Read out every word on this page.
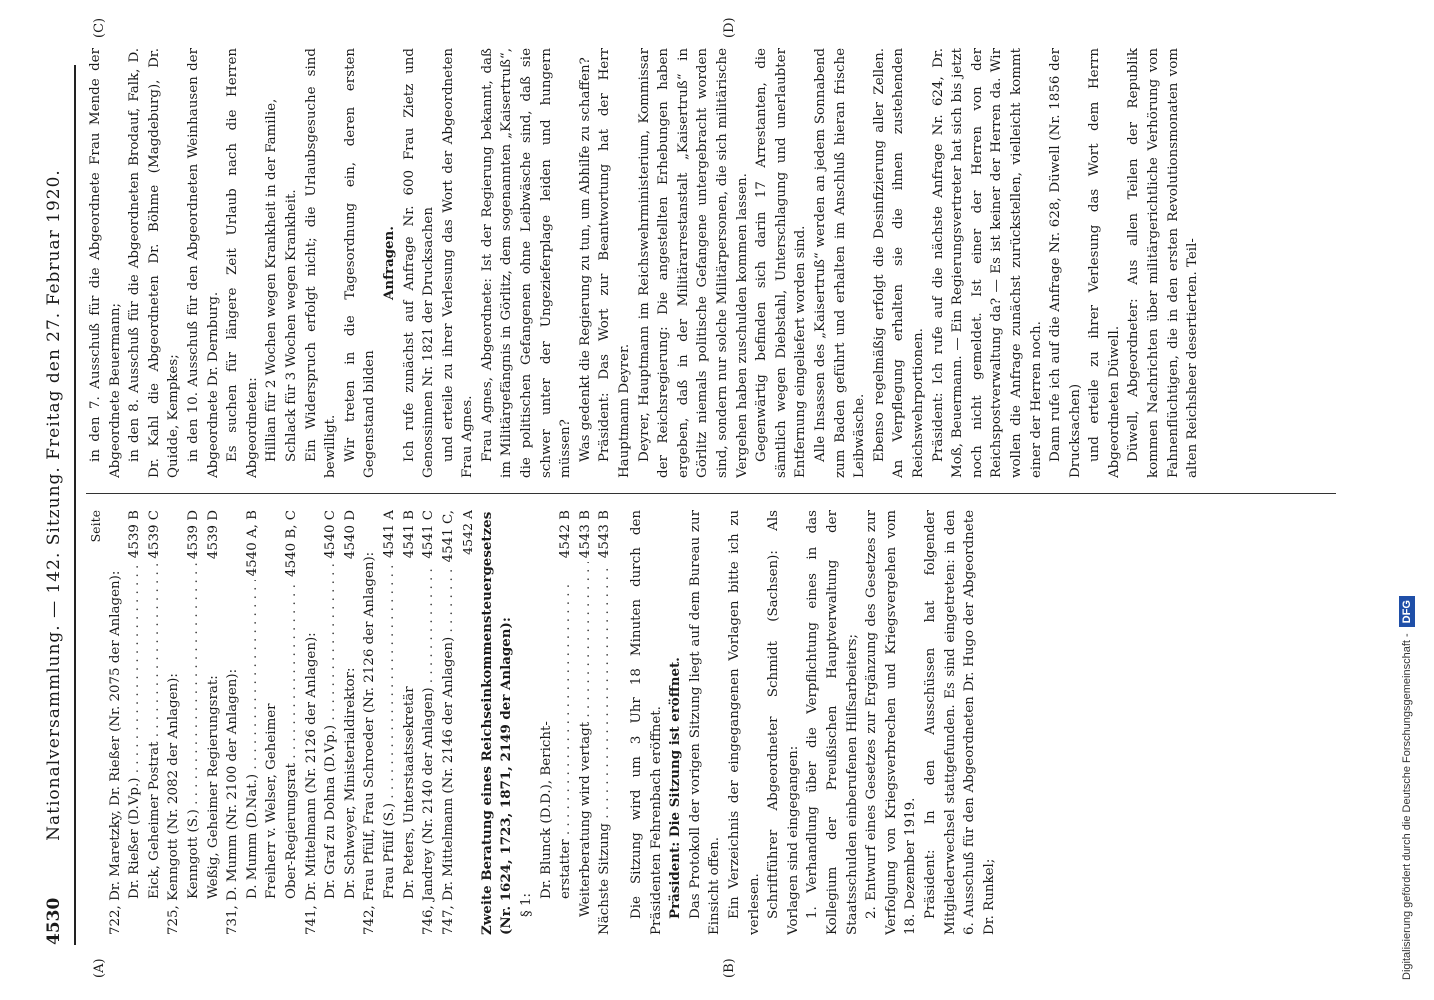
4530
Nationalversammlung. — 142. Sitzung. Freitag den 27. Februar 1920.
(A)	(B)
(C)	(D)
Seite
722, Dr. Maretzky, Dr. Rießer (Nr. 2075 der Anlagen): Dr. Rießer (D.Vp.) . . .
4539 B
Eick, Geheimer Postrat . . .
4539 C
725, Kenngott (Nr. 2082 der Anlagen): Kenngott (S.) . . .
4539 D
Weßig, Geheimer Regierungsrat:
4539 D
731, D. Mumm (Nr. 2100 der Anlagen): D. Mumm (D.Nat.) . . .
4540 A, B
Freiherr v. Welser, Geheimer Ober-Regierungsrat . . .
4540 B, C
741, Dr. Mittelmann (Nr. 2126 der Anlagen): Dr. Graf zu Dohna (D.Vp.) . . .
4540 C
Dr. Schweyer, Ministerialdirektor:
4540 D
742, Frau Pfülf, Frau Schroeder (Nr. 2126 der Anlagen): Frau Pfülf (S.) . . .
4541 A
Dr. Peters, Unterstaatssekretär
4541 B
746, Jandrey (Nr. 2140 der Anlagen) . . .
4541 C
747, Dr. Mittelmann (Nr. 2146 der Anlagen) . . .
4541 C, 4542 A Zweite Beratung eines Reichseinkommensteuergesetzes (Nr. 1624, 1723, 1871, 2149 der Anlagen): § 1:
Dr. Blunck (D.D.), Bericht- erstatter . . .
4542 B
Weiterberatung wird vertagt . . .
4543 B
Nächste Sitzung . . .
4543 B Die Sitzung wird um 3 Uhr 18 Minuten durch den Präsidenten Fehrenbach eröffnet. Präsident: Die Sitzung ist eröffnet. Das Protokoll der vorigen Sitzung liegt auf dem Bureau zur Einsicht offen. Ein Verzeichnis der eingegangenen Vorlagen bitte ich zu verlesen. Schriftführer Abgeordneter Schmidt (Sachsen): Als Vorlagen sind eingegangen: 1. Verhandlung über die Verpflichtung eines in das Kollegium der Preußischen Hauptverwaltung der Staatsschulden einberufenen Hilfsarbeiters; 2. Entwurf eines Gesetzes zur Ergänzung des Gesetzes zur Verfolgung von Kriegsverbrechen und Kriegsvergehen vom 18. Dezember 1919. Präsident: In den Ausschüssen hat folgender Mitgliederwechsel stattgefunden. Es sind eingetreten: in den 6. Ausschuß für den Abgeordneten Dr. Hugo der Abgeordnete Dr. Runkel;

in den 7. Ausschuß für die Abgeordnete Frau Mende der Abgeordnete Beuermann; in den 8. Ausschuß für die Abgeordneten Brodauf, Falk, D. Dr. Kahl die Abgeordneten Dr. Böhme (Magdeburg), Dr. Quidde, Kempkes; in den 10. Ausschuß für den Abgeordneten Weinhausen der Abgeordnete Dr. Dernburg. Es suchen für längere Zeit Urlaub nach die Herren Abgeordneten: Hillian für 2 Wochen wegen Krankheit in der Familie, Schlack für 3 Wochen wegen Krankheit. Ein Widerspruch erfolgt nicht; die Urlaubsgesuche sind bewilligt. Wir treten in die Tagesordnung ein, deren ersten Gegenstand bilden

Anfragen. Ich rufe zunächst auf Anfrage Nr. 600 Frau Zietz und Genossinnen Nr. 1821 der Drucksachen und erteile zu ihrer Verlesung das Wort der Abgeordneten Frau Agnes. Frau Agnes, Abgeordnete: Ist der Regierung bekannt, daß im Militärgefängnis in Görlitz, dem sogenannten „Kaisertruß“, die politischen Gefangenen ohne Leibwäsche sind, daß sie schwer unter der Ungezieferplage leiden und hungern müssen? Was gedenkt die Regierung zu tun, um Abhilfe zu schaffen? Präsident: Das Wort zur Beantwortung hat der Herr Hauptmann Deyrer. Deyrer, Hauptmann im Reichswehrministerium, Kommissar der Reichsregierung: Die angestellten Erhebungen haben ergeben, daß in der Militärarrestanstalt „Kaisertruß“ in Görlitz niemals politische Gefangene untergebracht worden sind, sondern nur solche Militärpersonen, die sich militärische Vergehen haben zuschulden kommen lassen. Gegenwärtig befinden sich darin 17 Arrestanten, die sämtlich wegen Diebstahl, Unterschlagung und unerlaubter Entfernung eingeliefert worden sind. Alle Insassen des „Kaisertruß“ werden an jedem Sonnabend zum Baden geführt und erhalten im Anschluß hieran frische Leibwäsche. Ebenso regelmäßig erfolgt die Desinfizierung aller Zellen. An Verpflegung erhalten sie die ihnen zustehenden Reichswehrportionen. Präsident: Ich rufe auf die nächste Anfrage Nr. 624, Dr. Moß, Beuermann. — Ein Regierungsvertreter hat sich bis jetzt noch nicht gemeldet. Ist einer der Herren von der Reichspostverwaltung da? — Es ist keiner der Herren da. Wir wollen die Anfrage zunächst zurückstellen, vielleicht kommt einer der Herren noch. Dann rufe ich auf die Anfrage Nr. 628, Düwell (Nr. 1856 der Drucksachen) und erteile zu ihrer Verlesung das Wort dem Herrn Abgeordneten Düwell. Düwell, Abgeordneter: Aus allen Teilen der Republik kommen Nachrichten über militärgerichtliche Verhörung von Fahnenflüchtigen, die in den ersten Revolutionsmonaten vom alten Reichsheer desertierten. Teil-

Digitalisierung gefördert durch die Deutsche Forschungsgemeinschaft -DFG
